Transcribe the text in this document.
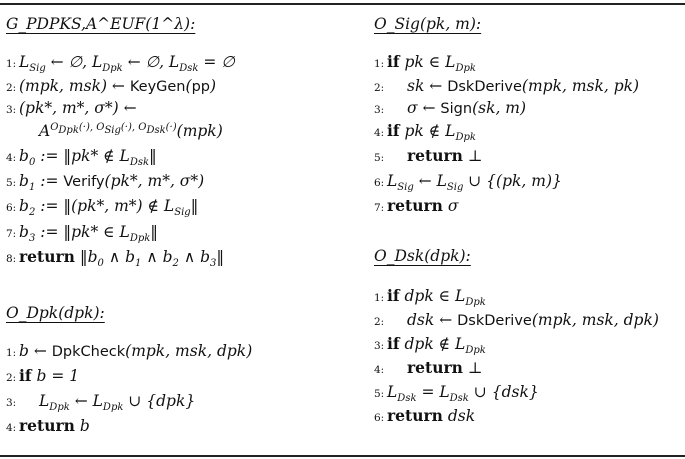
G_PDPKS,A^EUF(1^λ):
1: $L_{Sig}$ ← ∅, $L_{Dpk}$ ← ∅, $L_{Dsk}$ = ∅
2: (mpk, msk) ← KeyGen(pp)
3: (pk*, m*, σ*) ←
$A^{O_{Dpk}(\cdot), O_{Sig}(\cdot), O_{Dsk}(\cdot)}(mpk)$
4: $b_0$ := ‖pk* ∉ $L_{Dsk}‖$
5: $b_1$ := Verify(pk*, m*, σ*)
6: $b_2$ := ‖(pk*, m*) ∉ $L_{Sig}‖$
7: $b_3$ := ‖pk* ∈ $L_{Dpk}‖$
8: return $‖b_0$ ∧ $b_1$ ∧ $b_2$ ∧ $b_3‖$
O_Dpk(dpk):
1: b ← DpkCheck(mpk, msk, dpk)
2: if b = 1
3: $L_{Dpk}$ ← $L_{Dpk}$ ∪ {dpk}
4: return b
O_Sig(pk, m):
1: if pk ∈ $L_{Dpk}$
2: sk ← DskDerive(mpk, msk, pk)
3: σ ← Sign(sk, m)
4: if pk ∉ $L_{Dpk}$
5: return ⊥
6: $L_{Sig}$ ← $L_{Sig}$ ∪ {(pk, m)}
7: return σ
O_Dsk(dpk):
1: if dpk ∈ $L_{Dpk}$
2: dsk ← DskDerive(mpk, msk, dpk)
3: if dpk ∉ $L_{Dpk}$
4: return ⊥
5: $L_{Dsk} = L_{Dsk}$ ∪ {dsk}
6: return dsk
